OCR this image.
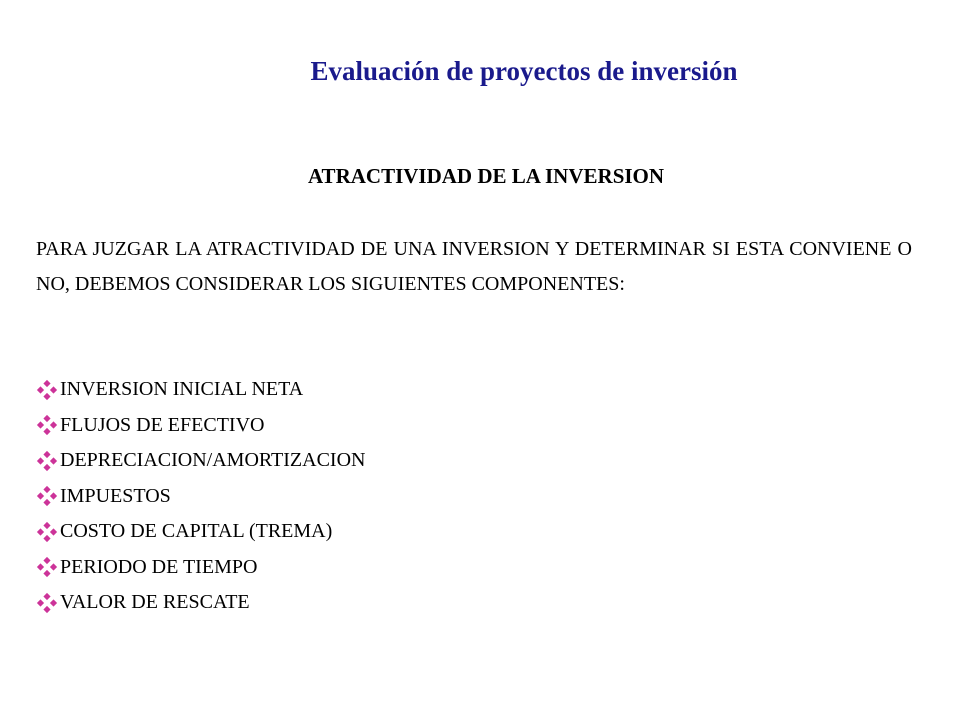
Evaluación de proyectos de inversión
ATRACTIVIDAD DE LA INVERSION
PARA JUZGAR LA ATRACTIVIDAD DE UNA INVERSION Y DETERMINAR SI ESTA CONVIENE O NO, DEBEMOS CONSIDERAR LOS SIGUIENTES COMPONENTES:
INVERSION INICIAL NETA
FLUJOS DE EFECTIVO
DEPRECIACION/AMORTIZACION
IMPUESTOS
COSTO DE CAPITAL (TREMA)
PERIODO DE TIEMPO
VALOR DE RESCATE
